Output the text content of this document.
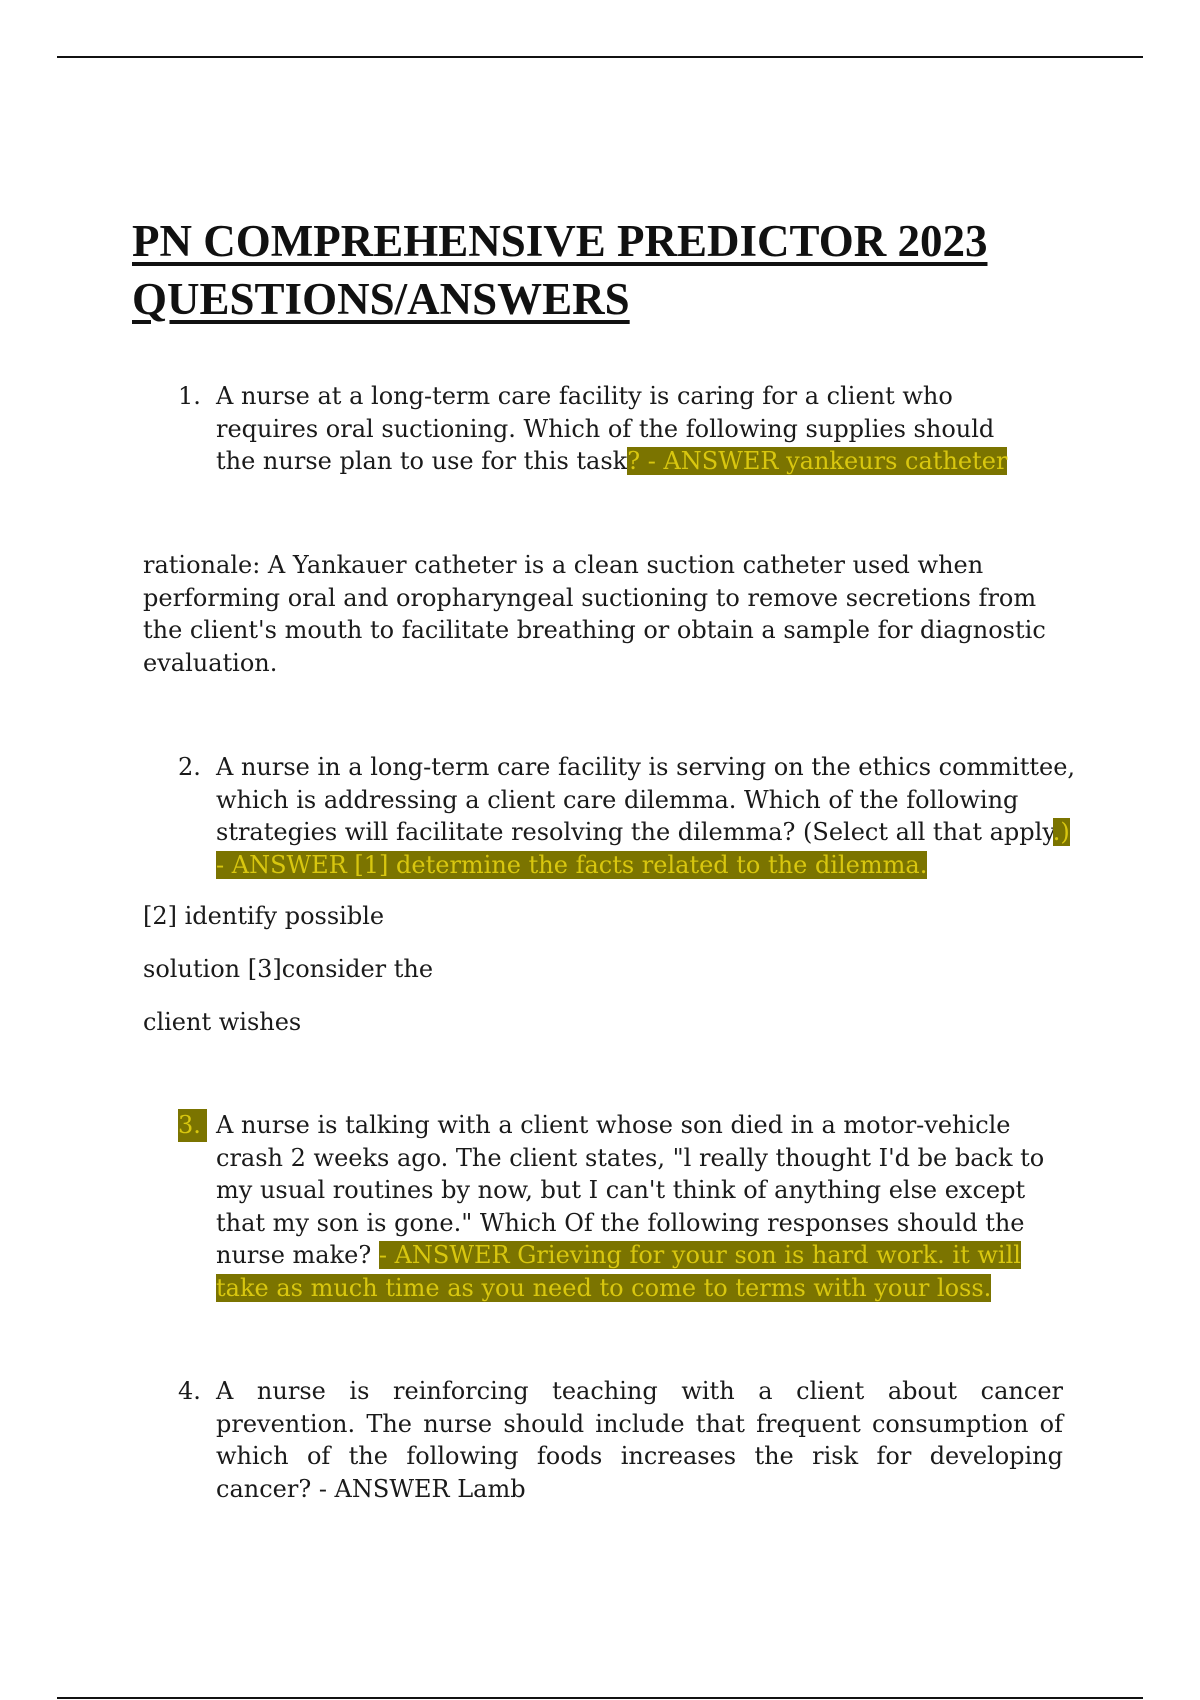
PN COMPREHENSIVE PREDICTOR 2023
QUESTIONS/ANSWERS
1. A nurse at a long-term care facility is caring for a client who
requires oral suctioning. Which of the following supplies should
the nurse plan to use for this task? - ANSWER yankeurs catheter
rationale: A Yankauer catheter is a clean suction catheter used when
performing oral and oropharyngeal suctioning to remove secretions from
the client's mouth to facilitate breathing or obtain a sample for diagnostic
evaluation.
2. A nurse in a long-term care facility is serving on the ethics committee,
which is addressing a client care dilemma. Which of the following
strategies will facilitate resolving the dilemma? (Select all that apply.)
- ANSWER [1] determine the facts related to the dilemma.
[2] identify possible
solution [3]consider the
client wishes
3. A nurse is talking with a client whose son died in a motor-vehicle
crash 2 weeks ago. The client states, "l really thought I'd be back to
my usual routines by now, but I can't think of anything else except
that my son is gone." Which Of the following responses should the
nurse make? - ANSWER Grieving for your son is hard work. it will
take as much time as you need to come to terms with your loss.
4. A nurse is reinforcing teaching with a client about cancer
prevention. The nurse should include that frequent consumption of
which of the following foods increases the risk for developing
cancer? - ANSWER Lamb
